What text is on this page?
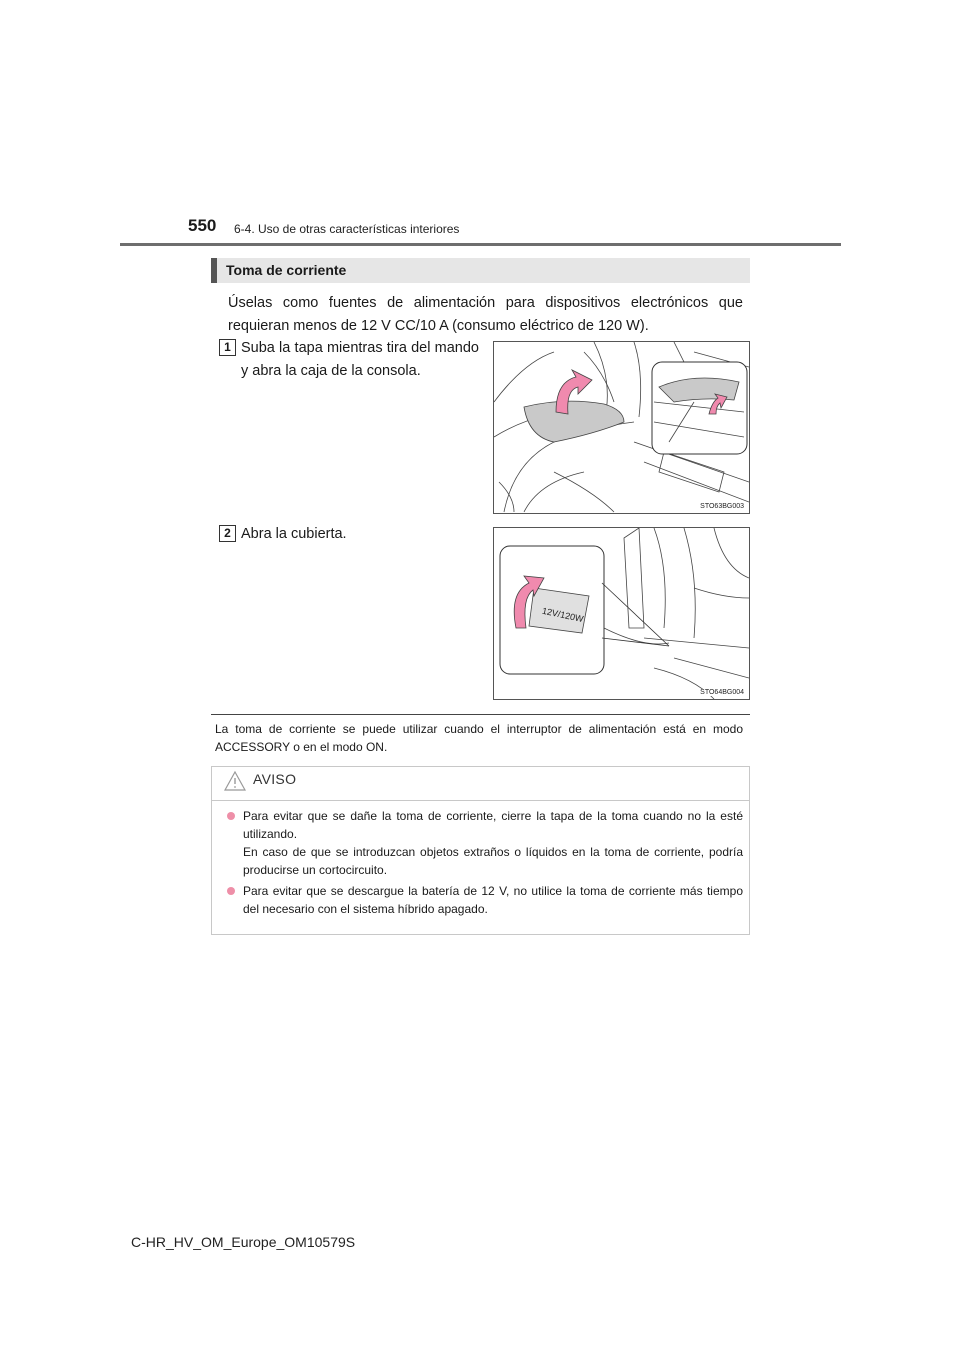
550 6-4. Uso de otras características interiores
Toma de corriente
Úselas como fuentes de alimentación para dispositivos electrónicos que requieran menos de 12 V CC/10 A (consumo eléctrico de 120 W).
1 Suba la tapa mientras tira del mando y abra la caja de la consola.
STO63BG003
2 Abra la cubierta.
12V/120W
STO64BG004
La toma de corriente se puede utilizar cuando el interruptor de alimentación está en modo ACCESSORY o en el modo ON.
AVISO
Para evitar que se dañe la toma de corriente, cierre la tapa de la toma cuando no la esté utilizando.
En caso de que se introduzcan objetos extraños o líquidos en la toma de corriente, podría producirse un cortocircuito.
Para evitar que se descargue la batería de 12 V, no utilice la toma de corriente más tiempo del necesario con el sistema híbrido apagado.
C-HR_HV_OM_Europe_OM10579S
